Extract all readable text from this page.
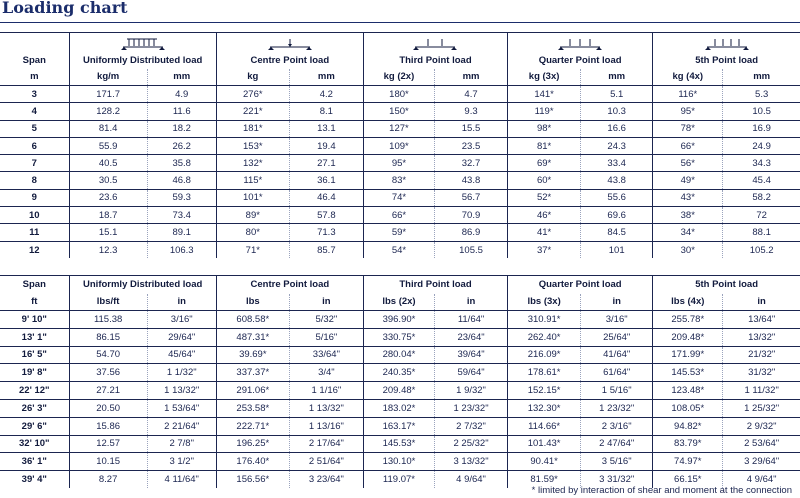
Loading chart

Span	Uniformly Distributed load		Centre Point load		Third Point load		Quarter Point load		5th Point load	
m	kg/m	mm	kg	mm	kg (2x)	mm	kg (3x)	mm	kg (4x)	mm
3	171.7	4.9	276*	4.2	180*	4.7	141*	5.1	116*	5.3
4	128.2	11.6	221*	8.1	150*	9.3	119*	10.3	95*	10.5
5	81.4	18.2	181*	13.1	127*	15.5	98*	16.6	78*	16.9
6	55.9	26.2	153*	19.4	109*	23.5	81*	24.3	66*	24.9
7	40.5	35.8	132*	27.1	95*	32.7	69*	33.4	56*	34.3
8	30.5	46.8	115*	36.1	83*	43.8	60*	43.8	49*	45.4
9	23.6	59.3	101*	46.4	74*	56.7	52*	55.6	43*	58.2
10	18.7	73.4	89*	57.8	66*	70.9	46*	69.6	38*	72
11	15.1	89.1	80*	71.3	59*	86.9	41*	84.5	34*	88.1
12	12.3	106.3	71*	85.7	54*	105.5	37*	101	30*	105.2
Span	Uniformly Distributed load		Centre Point load		Third Point load		Quarter Point load		5th Point load	
ft	lbs/ft	in	lbs	in	lbs (2x)	in	lbs (3x)	in	lbs (4x)	in
9' 10"	115.38	3/16"	608.58*	5/32"	396.90*	11/64"	310.91*	3/16"	255.78*	13/64"
13' 1"	86.15	29/64"	487.31*	5/16"	330.75*	23/64"	262.40*	25/64"	209.48*	13/32"
16' 5"	54.70	45/64"	39.69*	33/64"	280.04*	39/64"	216.09*	41/64"	171.99*	21/32"
19' 8"	37.56	1 1/32"	337.37*	3/4"	240.35*	59/64"	178.61*	61/64"	145.53*	31/32"
22' 12"	27.21	1 13/32"	291.06*	1 1/16"	209.48*	1 9/32"	152.15*	1 5/16"	123.48*	1 11/32"
26' 3"	20.50	1 53/64"	253.58*	1 13/32"	183.02*	1 23/32"	132.30*	1 23/32"	108.05*	1 25/32"
29' 6"	15.86	2 21/64"	222.71*	1 13/16"	163.17*	2 7/32"	114.66*	2 3/16"	94.82*	2 9/32"
32' 10"	12.57	2 7/8"	196.25*	2 17/64"	145.53*	2 25/32"	101.43*	2 47/64"	83.79*	2 53/64"
36' 1"	10.15	3 1/2"	176.40*	2 51/64"	130.10*	3 13/32"	90.41*	3 5/16"	74.97*	3 29/64"
39' 4"	8.27	4 11/64"	156.56*	3 23/64"	119.07*	4 9/64"	81.59*	3 31/32"	66.15*	4 9/64"
* limited by interaction of shear and moment at the connection
